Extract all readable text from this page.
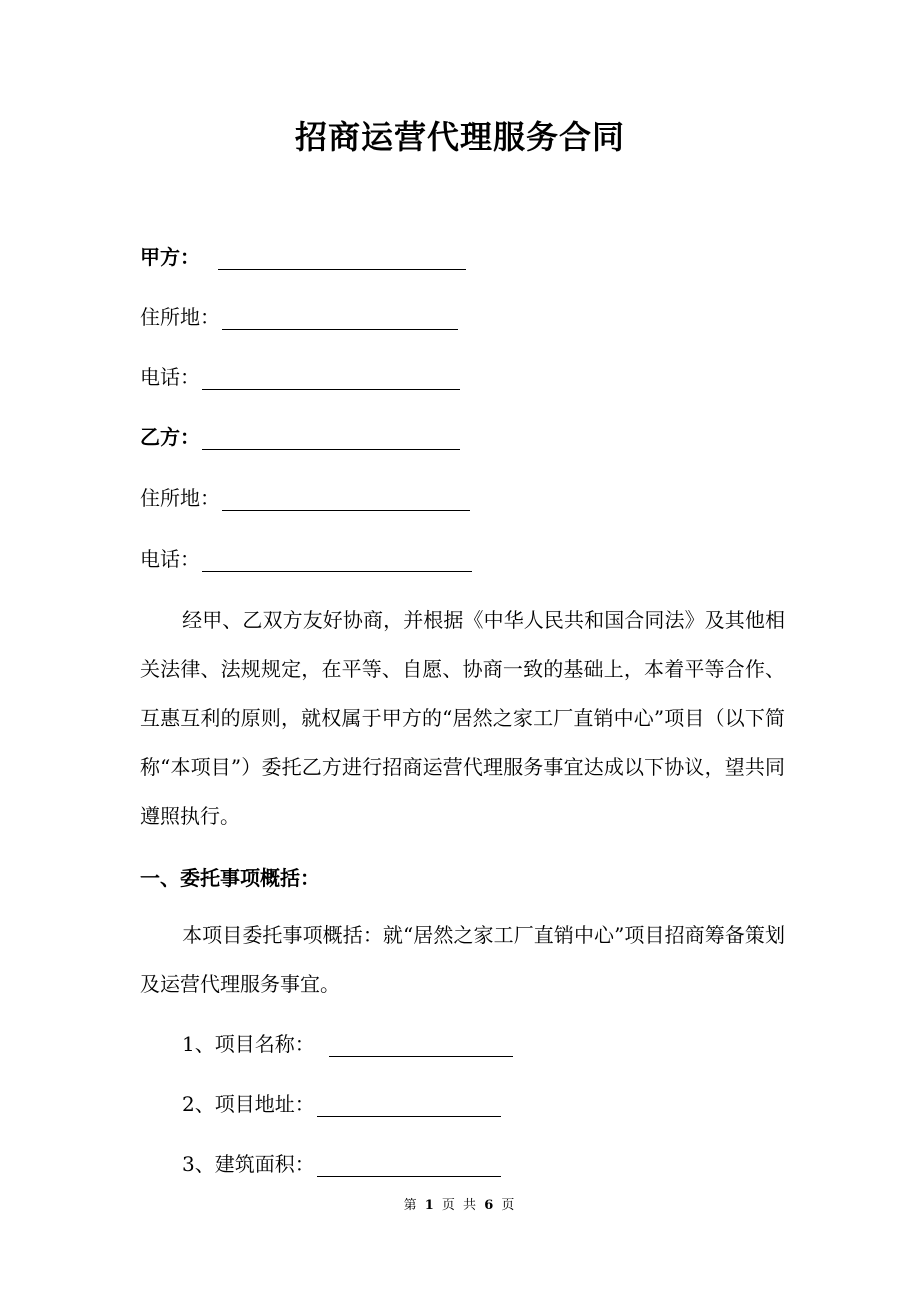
招商运营代理服务合同
甲方：
住所地：
电话：
乙方：
住所地：
电话：
经甲、乙双方友好协商，并根据《中华人民共和国合同法》及其他相关法律、法规规定，在平等、自愿、协商一致的基础上，本着平等合作、互惠互利的原则，就权属于甲方的“居然之家工厂直销中心”项目（以下简称“本项目”）委托乙方进行招商运营代理服务事宜达成以下协议，望共同遵照执行。
一、委托事项概括：
本项目委托事项概括：就“居然之家工厂直销中心”项目招商筹备策划及运营代理服务事宜。
1、项目名称：
2、项目地址：
3、建筑面积：
第 1 页 共 6 页
